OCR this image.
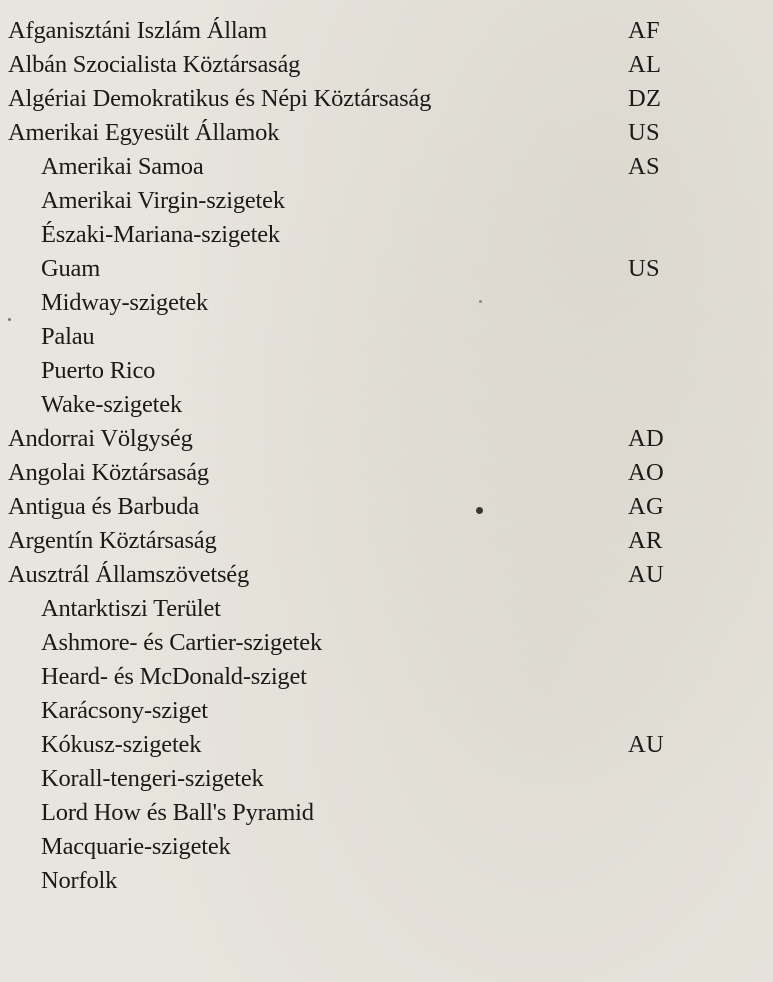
Afganisztáni Iszlám Állam	AF
Albán Szocialista Köztársaság	AL
Algériai Demokratikus és Népi Köztársaság	DZ
Amerikai Egyesült Államok	US
Amerikai Samoa	AS
Amerikai Virgin-szigetek
Északi-Mariana-szigetek
Guam	US
Midway-szigetek
Palau
Puerto Rico
Wake-szigetek
Andorrai Völgység	AD
Angolai Köztársaság	AO
Antigua és Barbuda	AG
Argentín Köztársaság	AR
Ausztrál Államszövetség	AU
Antarktiszi Terület
Ashmore- és Cartier-szigetek
Heard- és McDonald-sziget
Karácsony-sziget
Kókusz-szigetek	AU
Korall-tengeri-szigetek
Lord How és Ball's Pyramid
Macquarie-szigetek
Norfolk
